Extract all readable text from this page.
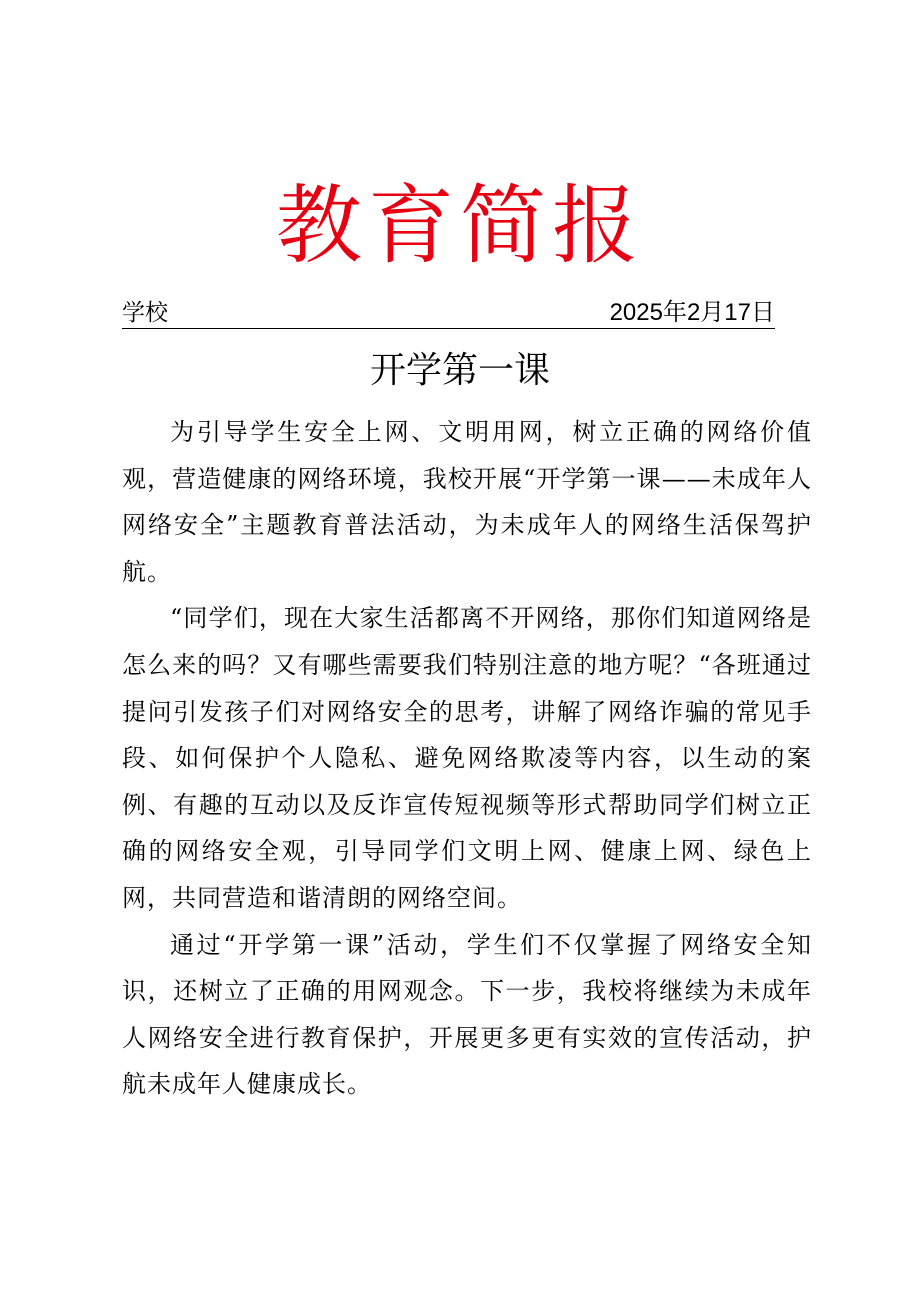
教育简报
学校	2025年2月17日
开学第一课

为引导学生安全上网、文明用网，树立正确的网络价值观，营造健康的网络环境，我校开展“开学第一课——未成年人网络安全”主题教育普法活动，为未成年人的网络生活保驾护航。

“同学们，现在大家生活都离不开网络，那你们知道网络是怎么来的吗？又有哪些需要我们特别注意的地方呢？“各班通过提问引发孩子们对网络安全的思考，讲解了网络诈骗的常见手段、如何保护个人隐私、避免网络欺凌等内容，以生动的案例、有趣的互动以及反诈宣传短视频等形式帮助同学们树立正确的网络安全观，引导同学们文明上网、健康上网、绿色上网，共同营造和谐清朗的网络空间。

通过“开学第一课”活动，学生们不仅掌握了网络安全知识，还树立了正确的用网观念。下一步，我校将继续为未成年人网络安全进行教育保护，开展更多更有实效的宣传活动，护航未成年人健康成长。
